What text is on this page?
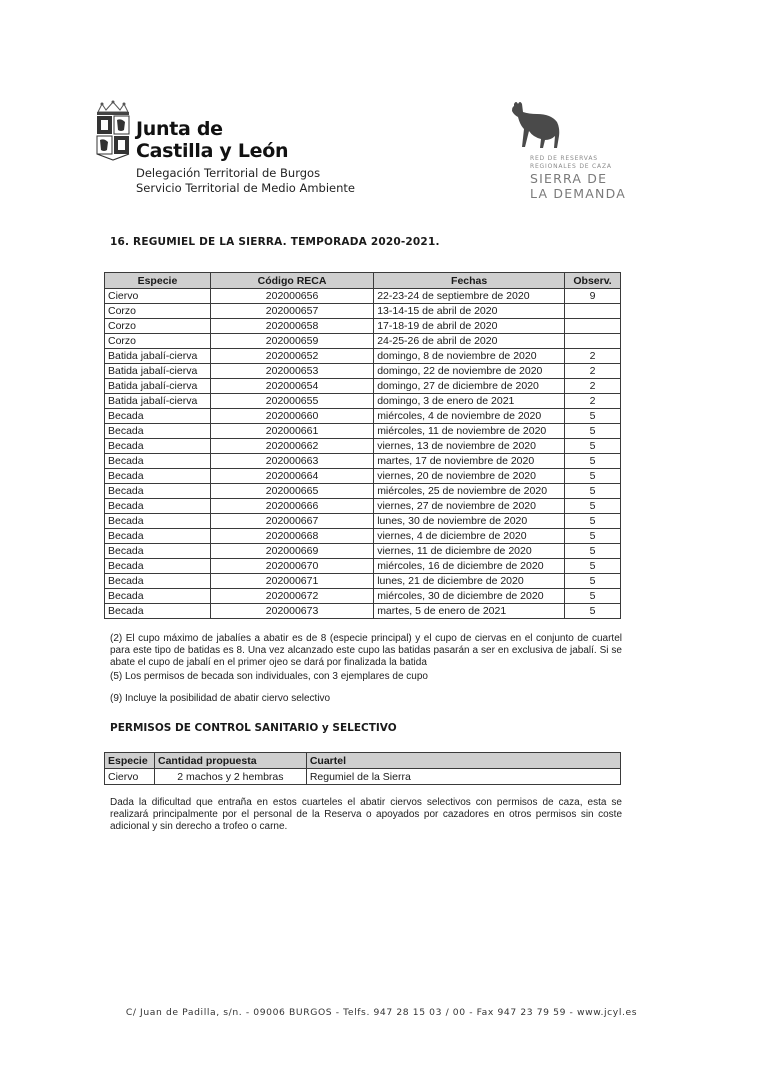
Junta de
Castilla y León
Delegación Territorial de Burgos
Servicio Territorial de Medio Ambiente
RED DE RESERVAS
REGIONALES DE CAZA
SIERRA DE
LA DEMANDA
16. REGUMIEL DE LA SIERRA. TEMPORADA 2020-2021.
Especie	Código RECA	Fechas	Observ.
Ciervo	202000656	22-23-24 de septiembre de 2020	9
Corzo	202000657	13-14-15 de abril de 2020	
Corzo	202000658	17-18-19 de abril de 2020	
Corzo	202000659	24-25-26 de abril de 2020	
Batida jabalí-cierva	202000652	domingo, 8 de noviembre de 2020	2
Batida jabalí-cierva	202000653	domingo, 22 de noviembre de 2020	2
Batida jabalí-cierva	202000654	domingo, 27 de diciembre de 2020	2
Batida jabalí-cierva	202000655	domingo, 3 de enero de 2021	2
Becada	202000660	miércoles, 4 de noviembre de 2020	5
Becada	202000661	miércoles, 11 de noviembre de 2020	5
Becada	202000662	viernes, 13 de noviembre de 2020	5
Becada	202000663	martes, 17 de noviembre de 2020	5
Becada	202000664	viernes, 20 de noviembre de 2020	5
Becada	202000665	miércoles, 25 de noviembre de 2020	5
Becada	202000666	viernes, 27 de noviembre de 2020	5
Becada	202000667	lunes, 30 de noviembre de 2020	5
Becada	202000668	viernes, 4 de diciembre de 2020	5
Becada	202000669	viernes, 11 de diciembre de 2020	5
Becada	202000670	miércoles, 16 de diciembre de 2020	5
Becada	202000671	lunes, 21 de diciembre de 2020	5
Becada	202000672	miércoles, 30 de diciembre de 2020	5
Becada	202000673	martes, 5 de enero de 2021	5
(2) El cupo máximo de jabalíes a abatir es de 8 (especie principal) y el cupo de ciervas en el conjunto de cuartel para este tipo de batidas es 8. Una vez alcanzado este cupo las batidas pasarán a ser en exclusiva de jabalí. Si se abate el cupo de jabalí en el primer ojeo se dará por finalizada la batida
(5) Los permisos de becada son individuales, con 3 ejemplares de cupo
(9) Incluye la posibilidad de abatir ciervo selectivo
PERMISOS DE CONTROL SANITARIO y SELECTIVO
Especie	Cantidad propuesta	Cuartel
Ciervo	2 machos y 2 hembras	Regumiel de la Sierra
Dada la dificultad que entraña en estos cuarteles el abatir ciervos selectivos con permisos de caza, esta se realizará principalmente por el personal de la Reserva o apoyados por cazadores en otros permisos sin coste adicional y sin derecho a trofeo o carne.
C/ Juan de Padilla, s/n. - 09006 BURGOS - Telfs. 947 28 15 03 / 00 - Fax 947 23 79 59 - www.jcyl.es
